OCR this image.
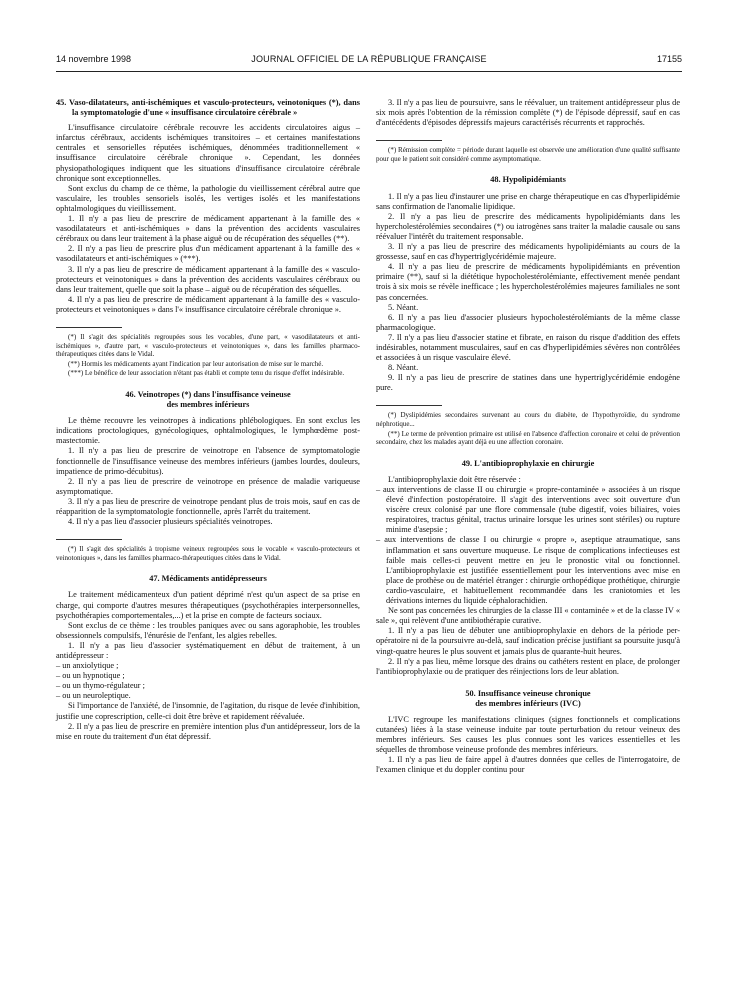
14 novembre 1998	JOURNAL OFFICIEL DE LA RÉPUBLIQUE FRANÇAISE	17155

45. Vaso-dilatateurs, anti-ischémiques et vasculo-protecteurs, veinotoniques (*), dans la symptomatologie d'une « insuffisance circulatoire cérébrale »

L'insuffisance circulatoire cérébrale recouvre les accidents circulatoires aigus – infarctus cérébraux, accidents ischémiques transitoires – et certaines manifestations centrales et sensorielles réputées ischémiques, dénommées traditionnellement « insuffisance circulatoire cérébrale chronique ». Cependant, les données physiopathologiques indiquent que les situations d'insuffisance circulatoire cérébrale chronique sont exceptionnelles.

Sont exclus du champ de ce thème, la pathologie du vieillissement cérébral autre que vasculaire, les troubles sensoriels isolés, les vertiges isolés et les manifestations ophtalmologiques du vieillissement.

1. Il n'y a pas lieu de prescrire de médicament appartenant à la famille des « vasodilatateurs et anti-ischémiques » dans la prévention des accidents vasculaires cérébraux ou dans leur traitement à la phase aiguë ou de récupération des séquelles (**).

2. Il n'y a pas lieu de prescrire plus d'un médicament appartenant à la famille des « vasodilatateurs et anti-ischémiques » (***).

3. Il n'y a pas lieu de prescrire de médicament appartenant à la famille des « vasculo-protecteurs et veinotoniques » dans la prévention des accidents vasculaires cérébraux ou dans leur traitement, quelle que soit la phase – aiguë ou de récupération des séquelles.

4. Il n'y a pas lieu de prescrire de médicament appartenant à la famille des « vasculo-protecteurs et veinotoniques » dans l'« insuffisance circulatoire cérébrale chronique ».

(*) Il s'agit des spécialités regroupées sous les vocables, d'une part, « vasodilatateurs et anti-ischémiques », d'autre part, « vasculo-protecteurs et veinotoniques », dans les familles pharmaco-thérapeutiques citées dans le Vidal.

(**) Hormis les médicaments ayant l'indication par leur autorisation de mise sur le marché.

(***) Le bénéfice de leur association n'étant pas établi et compte tenu du risque d'effet indésirable.

46. Veinotropes (*) dans l'insuffisance veineuse
des membres inférieurs

Le thème recouvre les veinotropes à indications phlébologiques. En sont exclus les indications proctologiques, gynécologiques, ophtalmologiques, le lymphœdème post-mastectomie.

1. Il n'y a pas lieu de prescrire de veinotrope en l'absence de symptomatologie fonctionnelle de l'insuffisance veineuse des membres inférieurs (jambes lourdes, douleurs, impatience de primo-décubitus).

2. Il n'y a pas lieu de prescrire de veinotrope en présence de maladie variqueuse asymptomatique.

3. Il n'y a pas lieu de prescrire de veinotrope pendant plus de trois mois, sauf en cas de réapparition de la symptomatologie fonctionnelle, après l'arrêt du traitement.

4. Il n'y a pas lieu d'associer plusieurs spécialités veinotropes.

(*) Il s'agit des spécialités à tropisme veineux regroupées sous le vocable « vasculo-protecteurs et veinotoniques », dans les familles pharmaco-thérapeutiques citées dans le Vidal.

47. Médicaments antidépresseurs

Le traitement médicamenteux d'un patient déprimé n'est qu'un aspect de sa prise en charge, qui comporte d'autres mesures thérapeutiques (psychothérapies interpersonnelles, psychothérapies comportementales,...) et la prise en compte de facteurs sociaux.

Sont exclus de ce thème : les troubles paniques avec ou sans agoraphobie, les troubles obsessionnels compulsifs, l'énurésie de l'enfant, les algies rebelles.

1. Il n'y a pas lieu d'associer systématiquement en début de traitement, à un antidépresseur :

– un anxiolytique ;

– ou un hypnotique ;

– ou un thymo-régulateur ;

– ou un neuroleptique.

Si l'importance de l'anxiété, de l'insomnie, de l'agitation, du risque de levée d'inhibition, justifie une coprescription, celle-ci doit être brève et rapidement réévaluée.

2. Il n'y a pas lieu de prescrire en première intention plus d'un antidépresseur, lors de la mise en route du traitement d'un état dépressif.

3. Il n'y a pas lieu de poursuivre, sans le réévaluer, un traitement antidépresseur plus de six mois après l'obtention de la rémission complète (*) de l'épisode dépressif, sauf en cas d'antécédents d'épisodes dépressifs majeurs caractérisés récurrents et rapprochés.

(*) Rémission complète = période durant laquelle est observée une amélioration d'une qualité suffisante pour que le patient soit considéré comme asymptomatique.

48. Hypolipidémiants

1. Il n'y a pas lieu d'instaurer une prise en charge thérapeutique en cas d'hyperlipidémie sans confirmation de l'anomalie lipidique.

2. Il n'y a pas lieu de prescrire des médicaments hypolipidémiants dans les hypercholestérolémies secondaires (*) ou iatrogènes sans traiter la maladie causale ou sans réévaluer l'intérêt du traitement responsable.

3. Il n'y a pas lieu de prescrire des médicaments hypolipidémiants au cours de la grossesse, sauf en cas d'hypertriglycéridémie majeure.

4. Il n'y a pas lieu de prescrire de médicaments hypolipidémiants en prévention primaire (**), sauf si la diététique hypocholestérolémiante, effectivement menée pendant trois à six mois se révèle inefficace ; les hypercholestérolémies majeures familiales ne sont pas concernées.

5. Néant.

6. Il n'y a pas lieu d'associer plusieurs hypocholestérolémiants de la même classe pharmacologique.

7. Il n'y a pas lieu d'associer statine et fibrate, en raison du risque d'addition des effets indésirables, notamment musculaires, sauf en cas d'hyperlipidémies sévères non contrôlées et associées à un risque vasculaire élevé.

8. Néant.

9. Il n'y a pas lieu de prescrire de statines dans une hypertriglycéridémie endogène pure.

(*) Dyslipidémies secondaires survenant au cours du diabète, de l'hypothyroïdie, du syndrome néphrotique...

(**) Le terme de prévention primaire est utilisé en l'absence d'affection coronaire et celui de prévention secondaire, chez les malades ayant déjà eu une affection coronaire.

49. L'antibioprophylaxie en chirurgie

L'antibioprophylaxie doit être réservée :

– aux interventions de classe II ou chirurgie « propre-contaminée » associées à un risque élevé d'infection postopératoire. Il s'agit des interventions avec soit ouverture d'un viscère creux colonisé par une flore commensale (tube digestif, voies biliaires, voies respiratoires, tractus génital, tractus urinaire lorsque les urines sont stériles) ou rupture minime d'asepsie ;

– aux interventions de classe I ou chirurgie « propre », aseptique atraumatique, sans inflammation et sans ouverture muqueuse. Le risque de complications infectieuses est faible mais celles-ci peuvent mettre en jeu le pronostic vital ou fonctionnel. L'antibioprophylaxie est justifiée essentiellement pour les interventions avec mise en place de prothèse ou de matériel étranger : chirurgie orthopédique prothétique, chirurgie cardio-vasculaire, et habituellement recommandée dans les craniotomies et les dérivations internes du liquide céphalorachidien.

Ne sont pas concernées les chirurgies de la classe III « contaminée » et de la classe IV « sale », qui relèvent d'une antibiothérapie curative.

1. Il n'y a pas lieu de débuter une antibioprophylaxie en dehors de la période per-opératoire ni de la poursuivre au-delà, sauf indication précise justifiant sa poursuite jusqu'à vingt-quatre heures le plus souvent et jamais plus de quarante-huit heures.

2. Il n'y a pas lieu, même lorsque des drains ou cathéters restent en place, de prolonger l'antibioprophylaxie ou de pratiquer des réinjections lors de leur ablation.

50. Insuffisance veineuse chronique
des membres inférieurs (IVC)

L'IVC regroupe les manifestations cliniques (signes fonctionnels et complications cutanées) liées à la stase veineuse induite par toute perturbation du retour veineux des membres inférieurs. Ses causes les plus connues sont les varices essentielles et les séquelles de thrombose veineuse profonde des membres inférieurs.

1. Il n'y a pas lieu de faire appel à d'autres données que celles de l'interrogatoire, de l'examen clinique et du doppler continu pour
